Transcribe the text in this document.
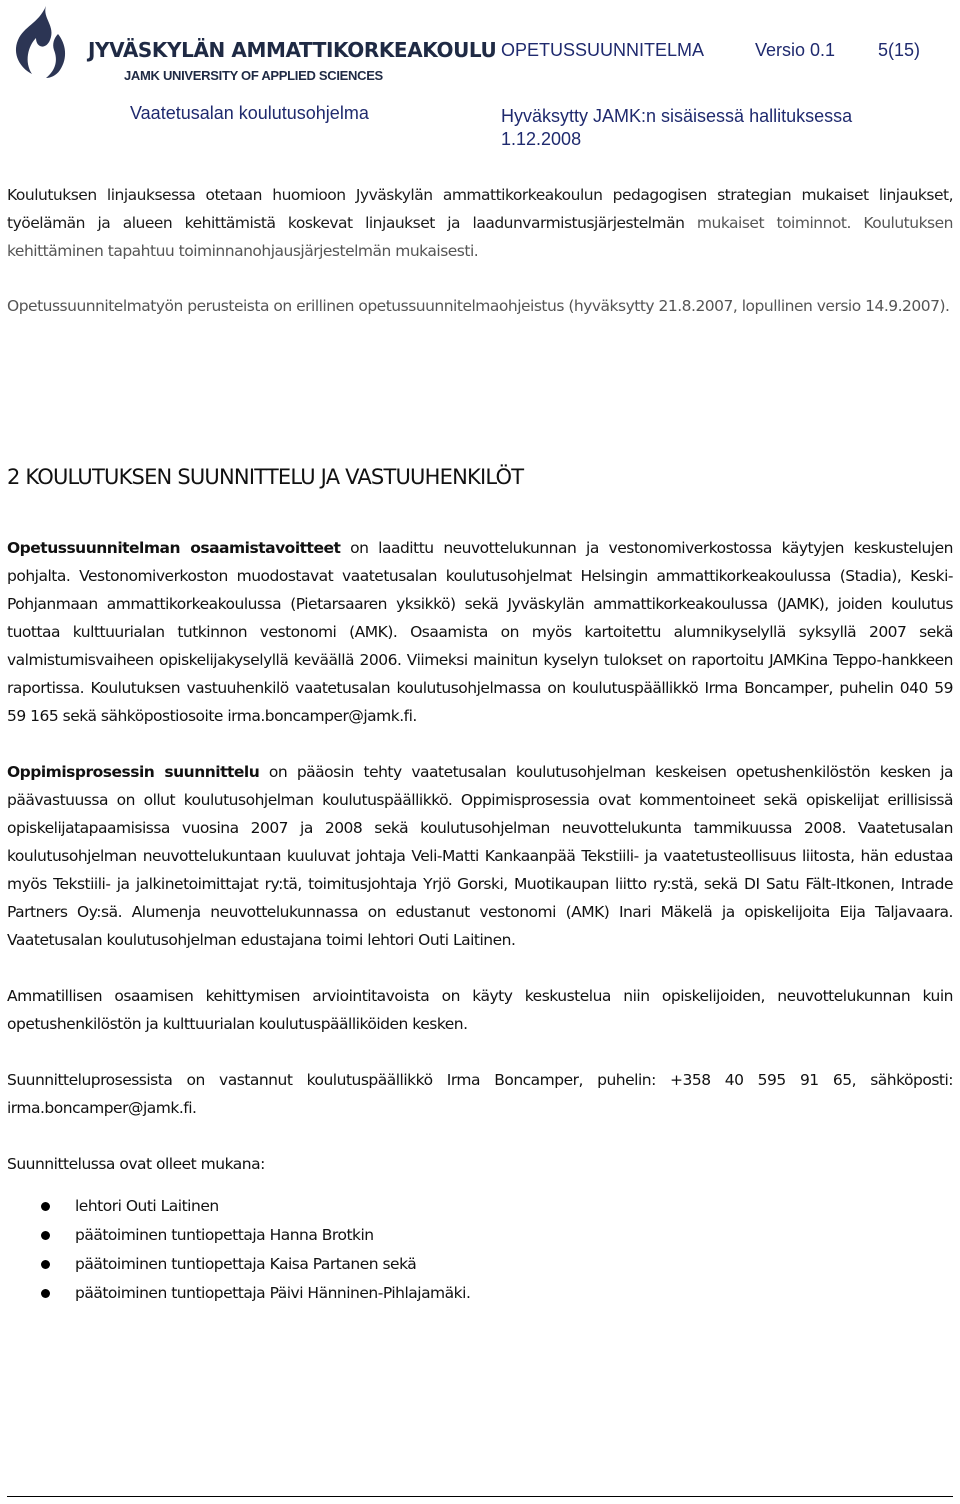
JYVÄSKYLÄN AMMATTIKORKEAKOULU
JAMK UNIVERSITY OF APPLIED SCIENCES
OPETUSSUUNNITELMA	Versio 0.1 5(15)
Vaatetusalan koulutusohjelma	Hyväksytty JAMK:n sisäisessä hallituksessa
1.12.2008

Koulutuksen linjauksessa otetaan huomioon Jyväskylän ammattikorkeakoulun pedagogisen strategian mukaiset linjaukset, työelämän ja alueen kehittämistä koskevat linjaukset ja laadunvarmistusjärjestelmän mukaiset toiminnot. Koulutuksen kehittäminen tapahtuu toiminnanohjausjärjestelmän mukaisesti.

Opetussuunnitelmatyön perusteista on erillinen opetussuunnitelmaohjeistus (hyväksytty 21.8.2007, lopullinen versio 14.9.2007).

2 KOULUTUKSEN SUUNNITTELU JA VASTUUHENKILÖT

Opetussuunnitelman osaamistavoitteet on laadittu neuvottelukunnan ja vestonomiverkostossa käytyjen keskustelujen pohjalta. Vestonomiverkoston muodostavat vaatetusalan koulutusohjelmat Helsingin ammattikorkeakoulussa (Stadia), Keski-Pohjanmaan ammattikorkeakoulussa (Pietarsaaren yksikkö) sekä Jyväskylän ammattikorkeakoulussa (JAMK), joiden koulutus tuottaa kulttuurialan tutkinnon vestonomi (AMK). Osaamista on myös kartoitettu alumnikyselyllä syksyllä 2007 sekä valmistumisvaiheen opiskelijakyselyllä keväällä 2006. Viimeksi mainitun kyselyn tulokset on raportoitu JAMKina Teppo-hankkeen raportissa. Koulutuksen vastuuhenkilö vaatetusalan koulutusohjelmassa on koulutuspäällikkö Irma Boncamper, puhelin 040 59 59 165 sekä sähköpostiosoite irma.boncamper@jamk.fi.

Oppimisprosessin suunnittelu on pääosin tehty vaatetusalan koulutusohjelman keskeisen opetushenkilöstön kesken ja päävastuussa on ollut koulutusohjelman koulutuspäällikkö. Oppimisprosessia ovat kommentoineet sekä opiskelijat erillisissä opiskelijatapaamisissa vuosina 2007 ja 2008 sekä koulutusohjelman neuvottelukunta tammikuussa 2008. Vaatetusalan koulutusohjelman neuvottelukuntaan kuuluvat johtaja Veli-Matti Kankaanpää Tekstiili- ja vaatetusteollisuus liitosta, hän edustaa myös Tekstiili- ja jalkinetoimittajat ry:tä, toimitusjohtaja Yrjö Gorski, Muotikaupan liitto ry:stä, sekä DI Satu Fält-Itkonen, Intrade Partners Oy:sä. Alumenja neuvottelukunnassa on edustanut vestonomi (AMK) Inari Mäkelä ja opiskelijoita Eija Taljavaara. Vaatetusalan koulutusohjelman edustajana toimi lehtori Outi Laitinen.

Ammatillisen osaamisen kehittymisen arviointitavoista on käyty keskustelua niin opiskelijoiden, neuvottelukunnan kuin opetushenkilöstön ja kulttuurialan koulutuspäälliköiden kesken.

Suunnitteluprosessista on vastannut koulutuspäällikkö Irma Boncamper, puhelin: +358 40 595 91 65, sähköposti: irma.boncamper@jamk.fi.

Suunnittelussa ovat olleet mukana:

lehtori Outi Laitinen
päätoiminen tuntiopettaja Hanna Brotkin
päätoiminen tuntiopettaja Kaisa Partanen sekä
päätoiminen tuntiopettaja Päivi Hänninen-Pihlajamäki.
